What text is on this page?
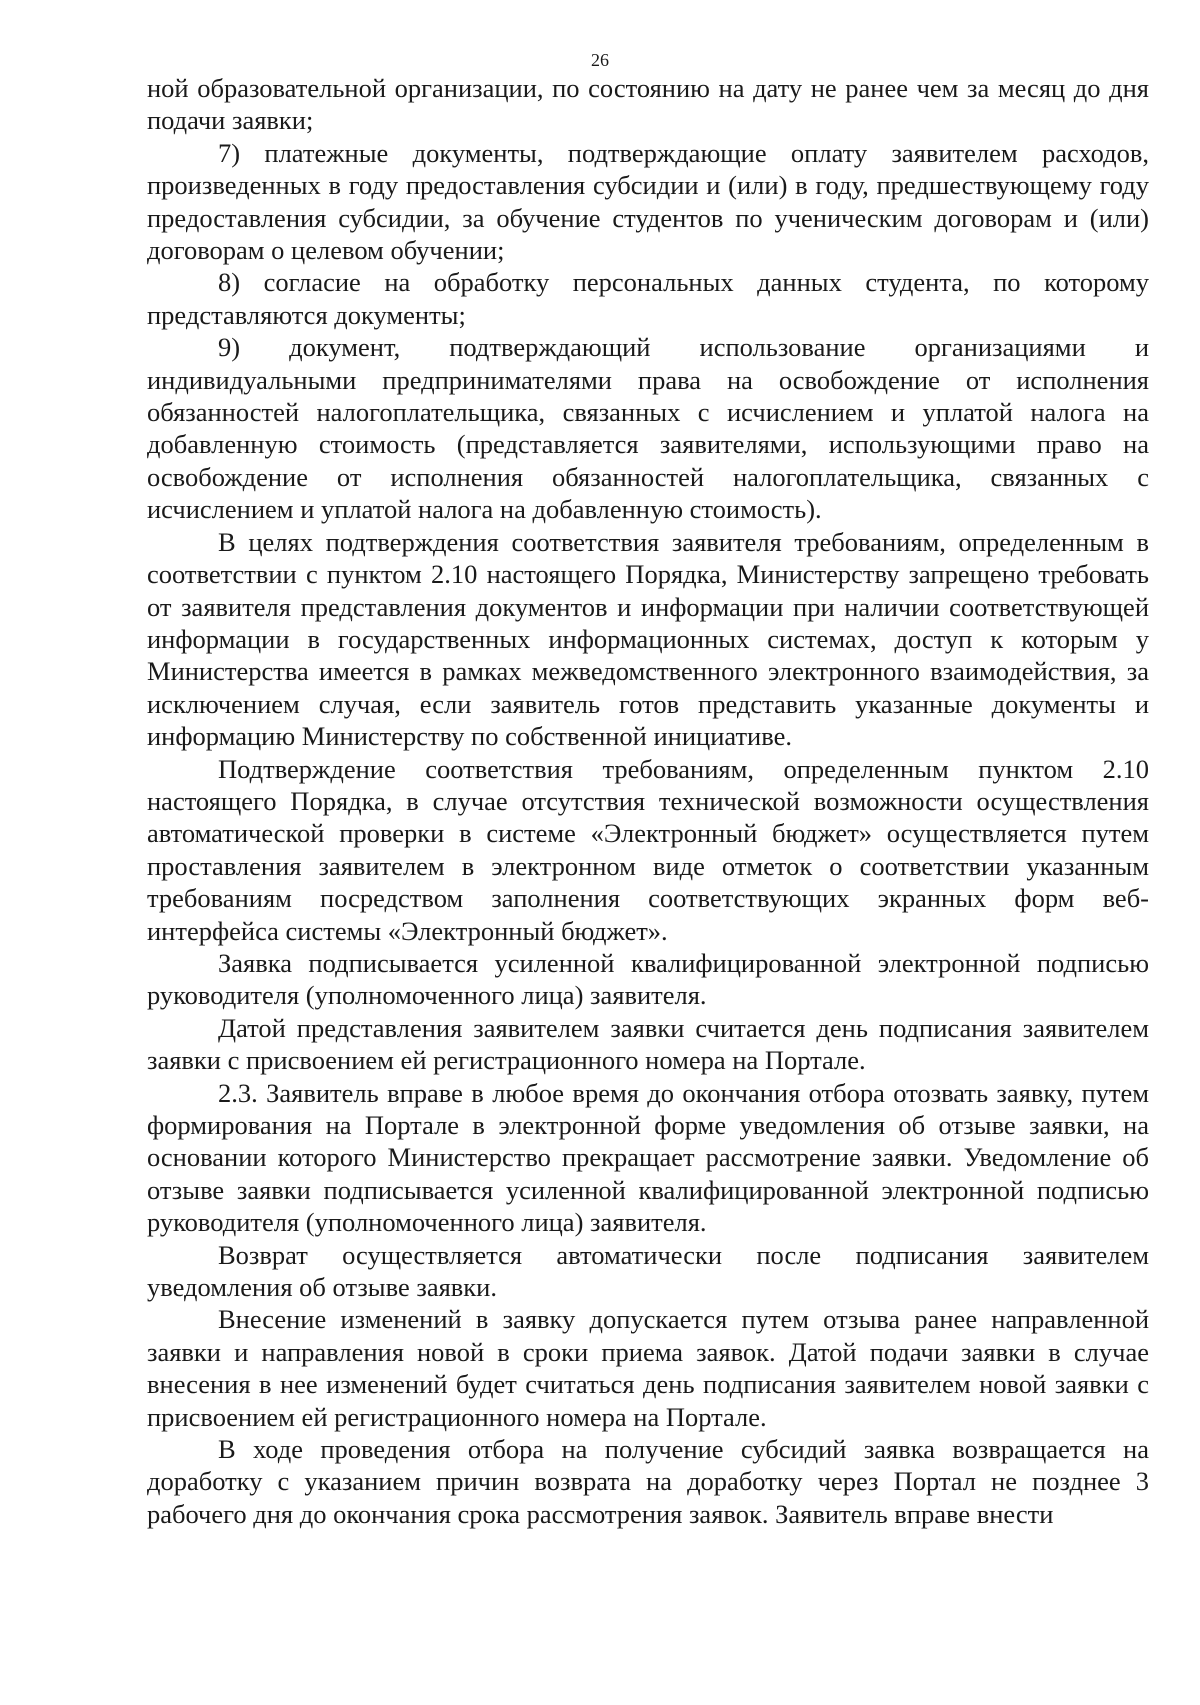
26

ной образовательной организации, по состоянию на дату не ранее чем за месяц до дня подачи заявки;

7) платежные документы, подтверждающие оплату заявителем расходов, произведенных в году предоставления субсидии и (или) в году, предшествующему году предоставления субсидии, за обучение студентов по ученическим договорам и (или) договорам о целевом обучении;

8) согласие на обработку персональных данных студента, по которому представляются документы;

9) документ, подтверждающий использование организациями и индивидуальными предпринимателями права на освобождение от исполнения обязанностей налогоплательщика, связанных с исчислением и уплатой налога на добавленную стоимость (представляется заявителями, использующими право на освобождение от исполнения обязанностей налогоплательщика, связанных с исчислением и уплатой налога на добавленную стоимость).

В целях подтверждения соответствия заявителя требованиям, определенным в соответствии с пунктом 2.10 настоящего Порядка, Министерству запрещено требовать от заявителя представления документов и информации при наличии соответствующей информации в государственных информационных системах, доступ к которым у Министерства имеется в рамках межведомственного электронного взаимодействия, за исключением случая, если заявитель готов представить указанные документы и информацию Министерству по собственной инициативе.

Подтверждение соответствия требованиям, определенным пунктом 2.10 настоящего Порядка, в случае отсутствия технической возможности осуществления автоматической проверки в системе «Электронный бюджет» осуществляется путем проставления заявителем в электронном виде отметок о соответствии указанным требованиям посредством заполнения соответствующих экранных форм веб-интерфейса системы «Электронный бюджет».

Заявка подписывается усиленной квалифицированной электронной подписью руководителя (уполномоченного лица) заявителя.

Датой представления заявителем заявки считается день подписания заявителем заявки с присвоением ей регистрационного номера на Портале.

2.3. Заявитель вправе в любое время до окончания отбора отозвать заявку, путем формирования на Портале в электронной форме уведомления об отзыве заявки, на основании которого Министерство прекращает рассмотрение заявки. Уведомление об отзыве заявки подписывается усиленной квалифицированной электронной подписью руководителя (уполномоченного лица) заявителя.

Возврат осуществляется автоматически после подписания заявителем уведомления об отзыве заявки.

Внесение изменений в заявку допускается путем отзыва ранее направленной заявки и направления новой в сроки приема заявок. Датой подачи заявки в случае внесения в нее изменений будет считаться день подписания заявителем новой заявки с присвоением ей регистрационного номера на Портале.

В ходе проведения отбора на получение субсидий заявка возвращается на доработку с указанием причин возврата на доработку через Портал не позднее 3 рабочего дня до окончания срока рассмотрения заявок. Заявитель вправе внести
